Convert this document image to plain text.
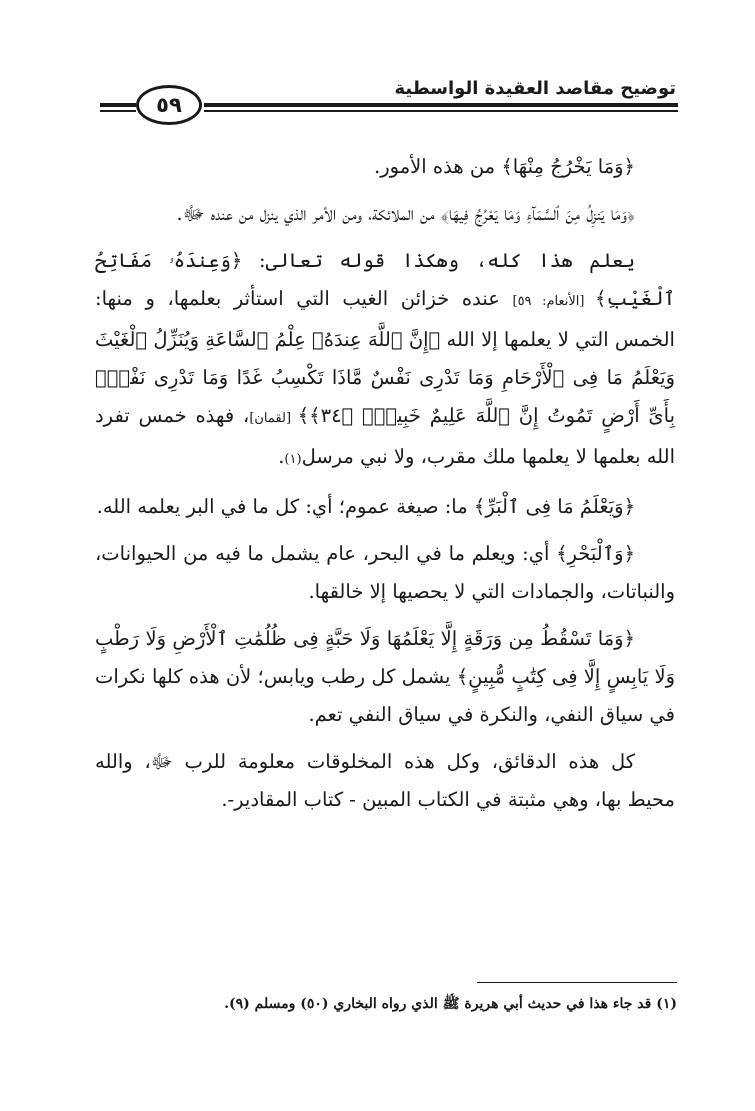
توضيح مقاصد العقيدة الواسطية
٥٩

﴿وَمَا يَخْرُجُ مِنْهَا﴾ من هذه الأمور.

﴿وَمَا يَنزِلُ مِنَ ٱلسَّمَآءِ وَمَا يَعْرُجُ فِيهَا﴾ من الملائكة، ومن الأمر الذي ينزل من عنده ﷻ.

يعلم هذا كله، وهكذا قوله تعالى: ﴿وَعِندَهُۥ مَفَاتِحُ ٱلْغَيْبِ﴾ [الأنعام: ٥٩] عنده خزائن الغيب التي استأثر بعلمها، و منها: الخمس التي لا يعلمها إلا الله ﴿إِنَّ ٱللَّهَ عِندَهُۥ عِلْمُ ٱلسَّاعَةِ وَيُنَزِّلُ ٱلْغَيْثَ وَيَعْلَمُ مَا فِى ٱلْأَرْحَامِ وَمَا تَدْرِى نَفْسٌ مَّاذَا تَكْسِبُ غَدًا وَمَا تَدْرِى نَفْسٌۢ بِأَىِّ أَرْضٍ تَمُوتُ إِنَّ ٱللَّهَ عَلِيمٌ خَبِيرٌۢ ﴿٣٤﴾﴾ [لقمان]، فهذه خمس تفرد الله بعلمها لا يعلمها ملك مقرب، ولا نبي مرسل(١).

﴿وَيَعْلَمُ مَا فِى ٱلْبَرِّ﴾ ما: صيغة عموم؛ أي: كل ما في البر يعلمه الله.

﴿وَٱلْبَحْرِ﴾ أي: ويعلم ما في البحر، عام يشمل ما فيه من الحيوانات، والنباتات، والجمادات التي لا يحصيها إلا خالقها.

﴿وَمَا تَسْقُطُ مِن وَرَقَةٍ إِلَّا يَعْلَمُهَا وَلَا حَبَّةٍ فِى ظُلُمَٰتِ ٱلْأَرْضِ وَلَا رَطْبٍ وَلَا يَابِسٍ إِلَّا فِى كِتَٰبٍ مُّبِينٍ﴾ يشمل كل رطب ويابس؛ لأن هذه كلها نكرات في سياق النفي، والنكرة في سياق النفي تعم.

كل هذه الدقائق، وكل هذه المخلوقات معلومة للرب ﷻ، والله محيط بها، وهي مثبتة في الكتاب المبين - كتاب المقادير-.

(١) قد جاء هذا في حديث أبي هريرة ﷺ الذي رواه البخاري (٥٠) ومسلم (٩).
